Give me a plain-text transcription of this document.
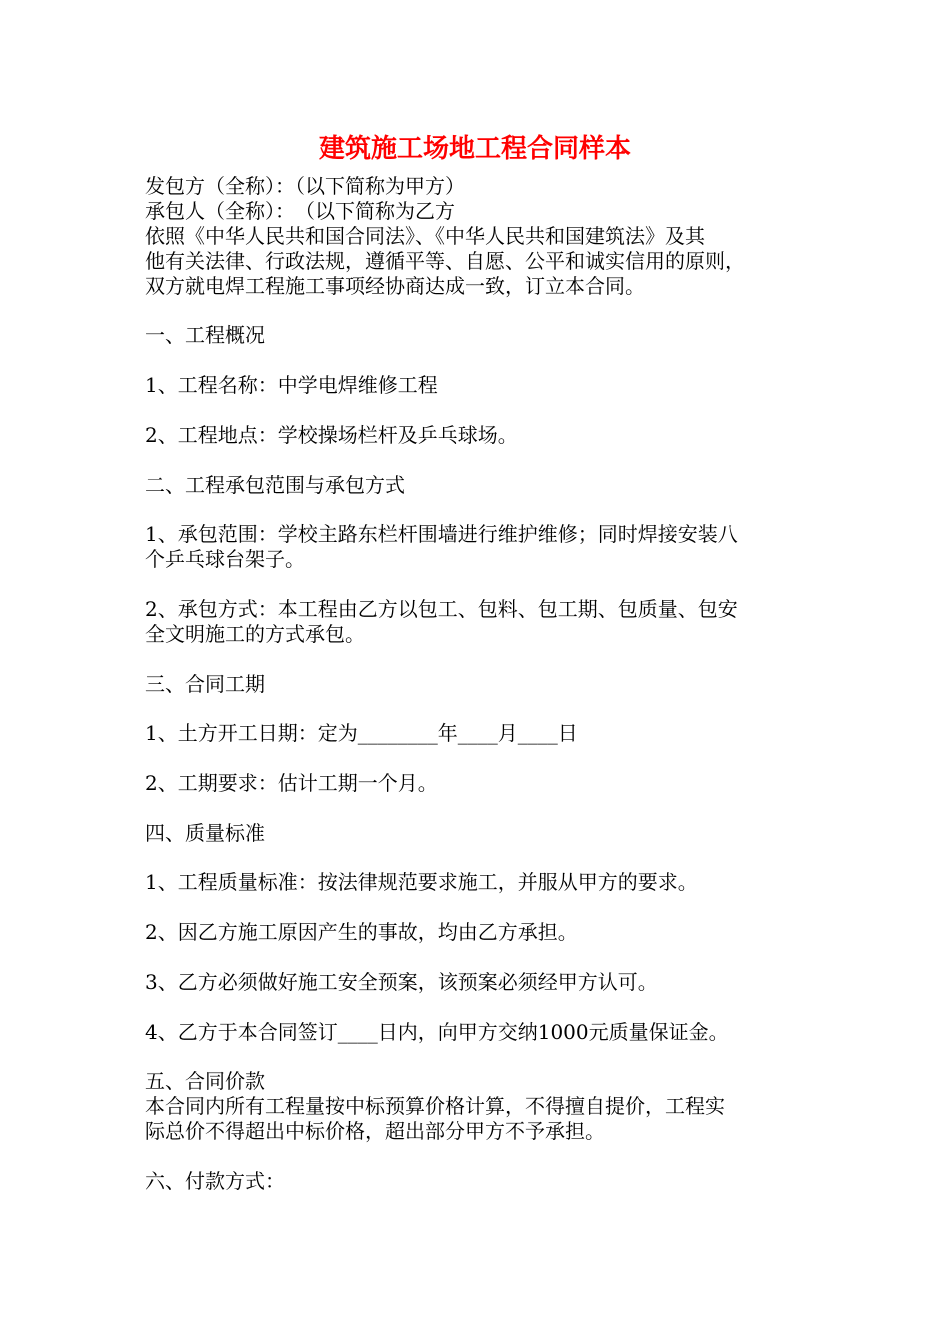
建筑施工场地工程合同样本
发包方（全称）：（以下简称为甲方）
承包人（全称）：　（以下简称为乙方
依照《中华人民共和国合同法》、《中华人民共和国建筑法》及其
他有关法律、行政法规，遵循平等、自愿、公平和诚实信用的原则，
双方就电焊工程施工事项经协商达成一致，订立本合同。
一、工程概况
1、工程名称：中学电焊维修工程
2、工程地点：学校操场栏杆及乒乓球场。
二、工程承包范围与承包方式
1、承包范围：学校主路东栏杆围墙进行维护维修；同时焊接安装八
个乒乓球台架子。
2、承包方式：本工程由乙方以包工、包料、包工期、包质量、包安
全文明施工的方式承包。
三、合同工期
1、土方开工日期：定为________年____月____日
2、工期要求：估计工期一个月。
四、质量标准
1、工程质量标准：按法律规范要求施工，并服从甲方的要求。
2、因乙方施工原因产生的事故，均由乙方承担。
3、乙方必须做好施工安全预案，该预案必须经甲方认可。
4、乙方于本合同签订____日内，向甲方交纳1000元质量保证金。
五、合同价款
本合同内所有工程量按中标预算价格计算，不得擅自提价，工程实
际总价不得超出中标价格，超出部分甲方不予承担。
六、付款方式：
